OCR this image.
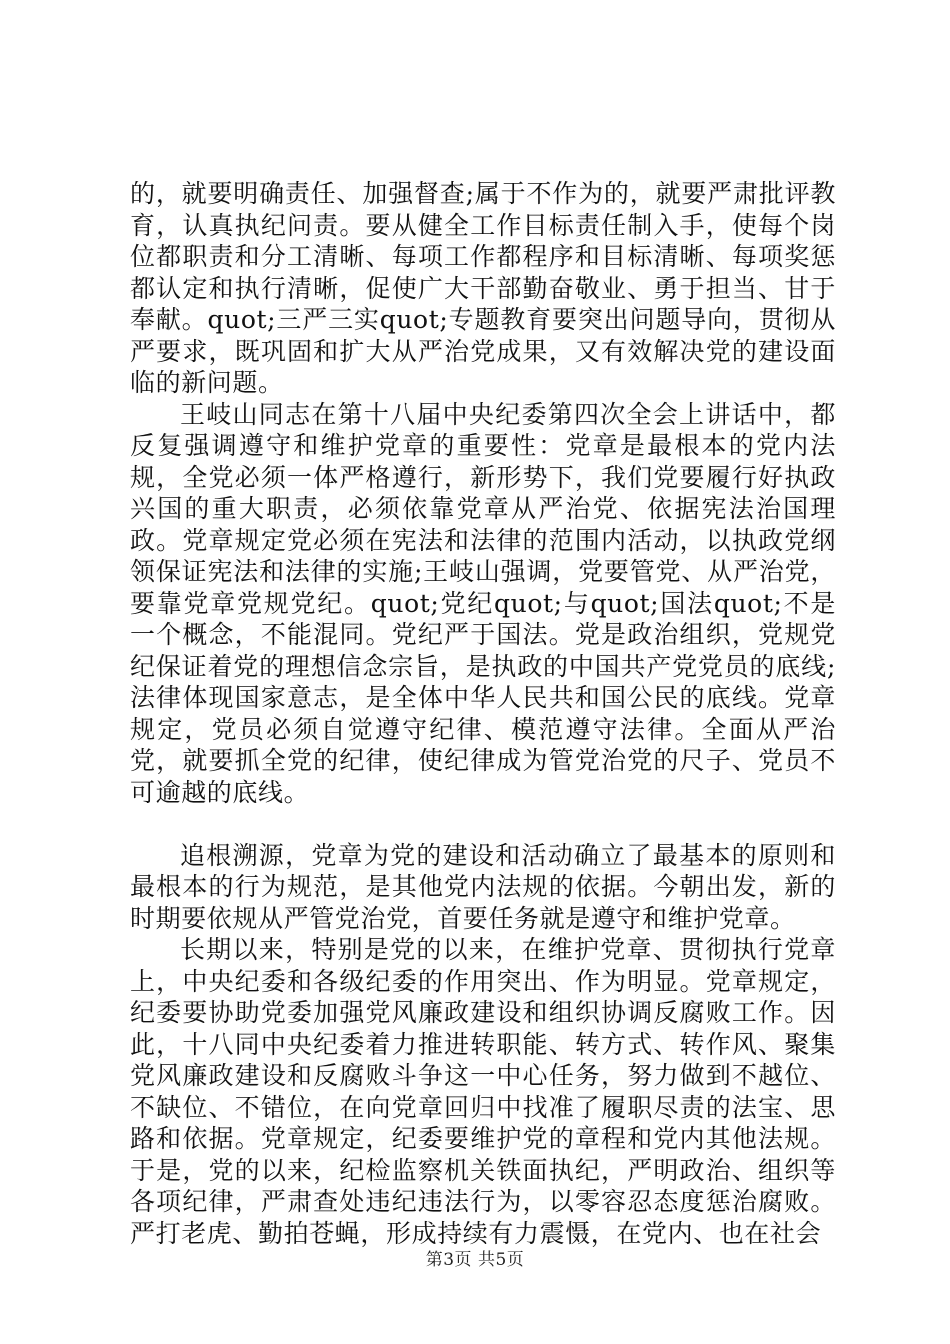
的，就要明确责任、加强督查;属于不作为的，就要严肃批评教育，认真执纪问责。要从健全工作目标责任制入手，使每个岗位都职责和分工清晰、每项工作都程序和目标清晰、每项奖惩都认定和执行清晰，促使广大干部勤奋敬业、勇于担当、甘于奉献。quot;三严三实quot;专题教育要突出问题导向，贯彻从严要求，既巩固和扩大从严治党成果，又有效解决党的建设面临的新问题。

王岐山同志在第十八届中央纪委第四次全会上讲话中，都反复强调遵守和维护党章的重要性：党章是最根本的党内法规，全党必须一体严格遵行，新形势下，我们党要履行好执政兴国的重大职责，必须依靠党章从严治党、依据宪法治国理政。党章规定党必须在宪法和法律的范围内活动，以执政党纲领保证宪法和法律的实施;王岐山强调，党要管党、从严治党，要靠党章党规党纪。quot;党纪quot;与quot;国法quot;不是一个概念，不能混同。党纪严于国法。党是政治组织，党规党纪保证着党的理想信念宗旨，是执政的中国共产党党员的底线;法律体现国家意志，是全体中华人民共和国公民的底线。党章规定，党员必须自觉遵守纪律、模范遵守法律。全面从严治党，就要抓全党的纪律，使纪律成为管党治党的尺子、党员不可逾越的底线。

追根溯源，党章为党的建设和活动确立了最基本的原则和最根本的行为规范，是其他党内法规的依据。今朝出发，新的时期要依规从严管党治党，首要任务就是遵守和维护党章。

长期以来，特别是党的以来，在维护党章、贯彻执行党章上，中央纪委和各级纪委的作用突出、作为明显。党章规定，纪委要协助党委加强党风廉政建设和组织协调反腐败工作。因此，十八同中央纪委着力推进转职能、转方式、转作风、聚集党风廉政建设和反腐败斗争这一中心任务，努力做到不越位、不缺位、不错位，在向党章回归中找准了履职尽责的法宝、思路和依据。党章规定，纪委要维护党的章程和党内其他法规。于是，党的以来，纪检监察机关铁面执纪，严明政治、组织等各项纪律，严肃查处违纪违法行为，以零容忍态度惩治腐败。严打老虎、勤拍苍蝇，形成持续有力震慑，在党内、也在社会

第3页 共5页
